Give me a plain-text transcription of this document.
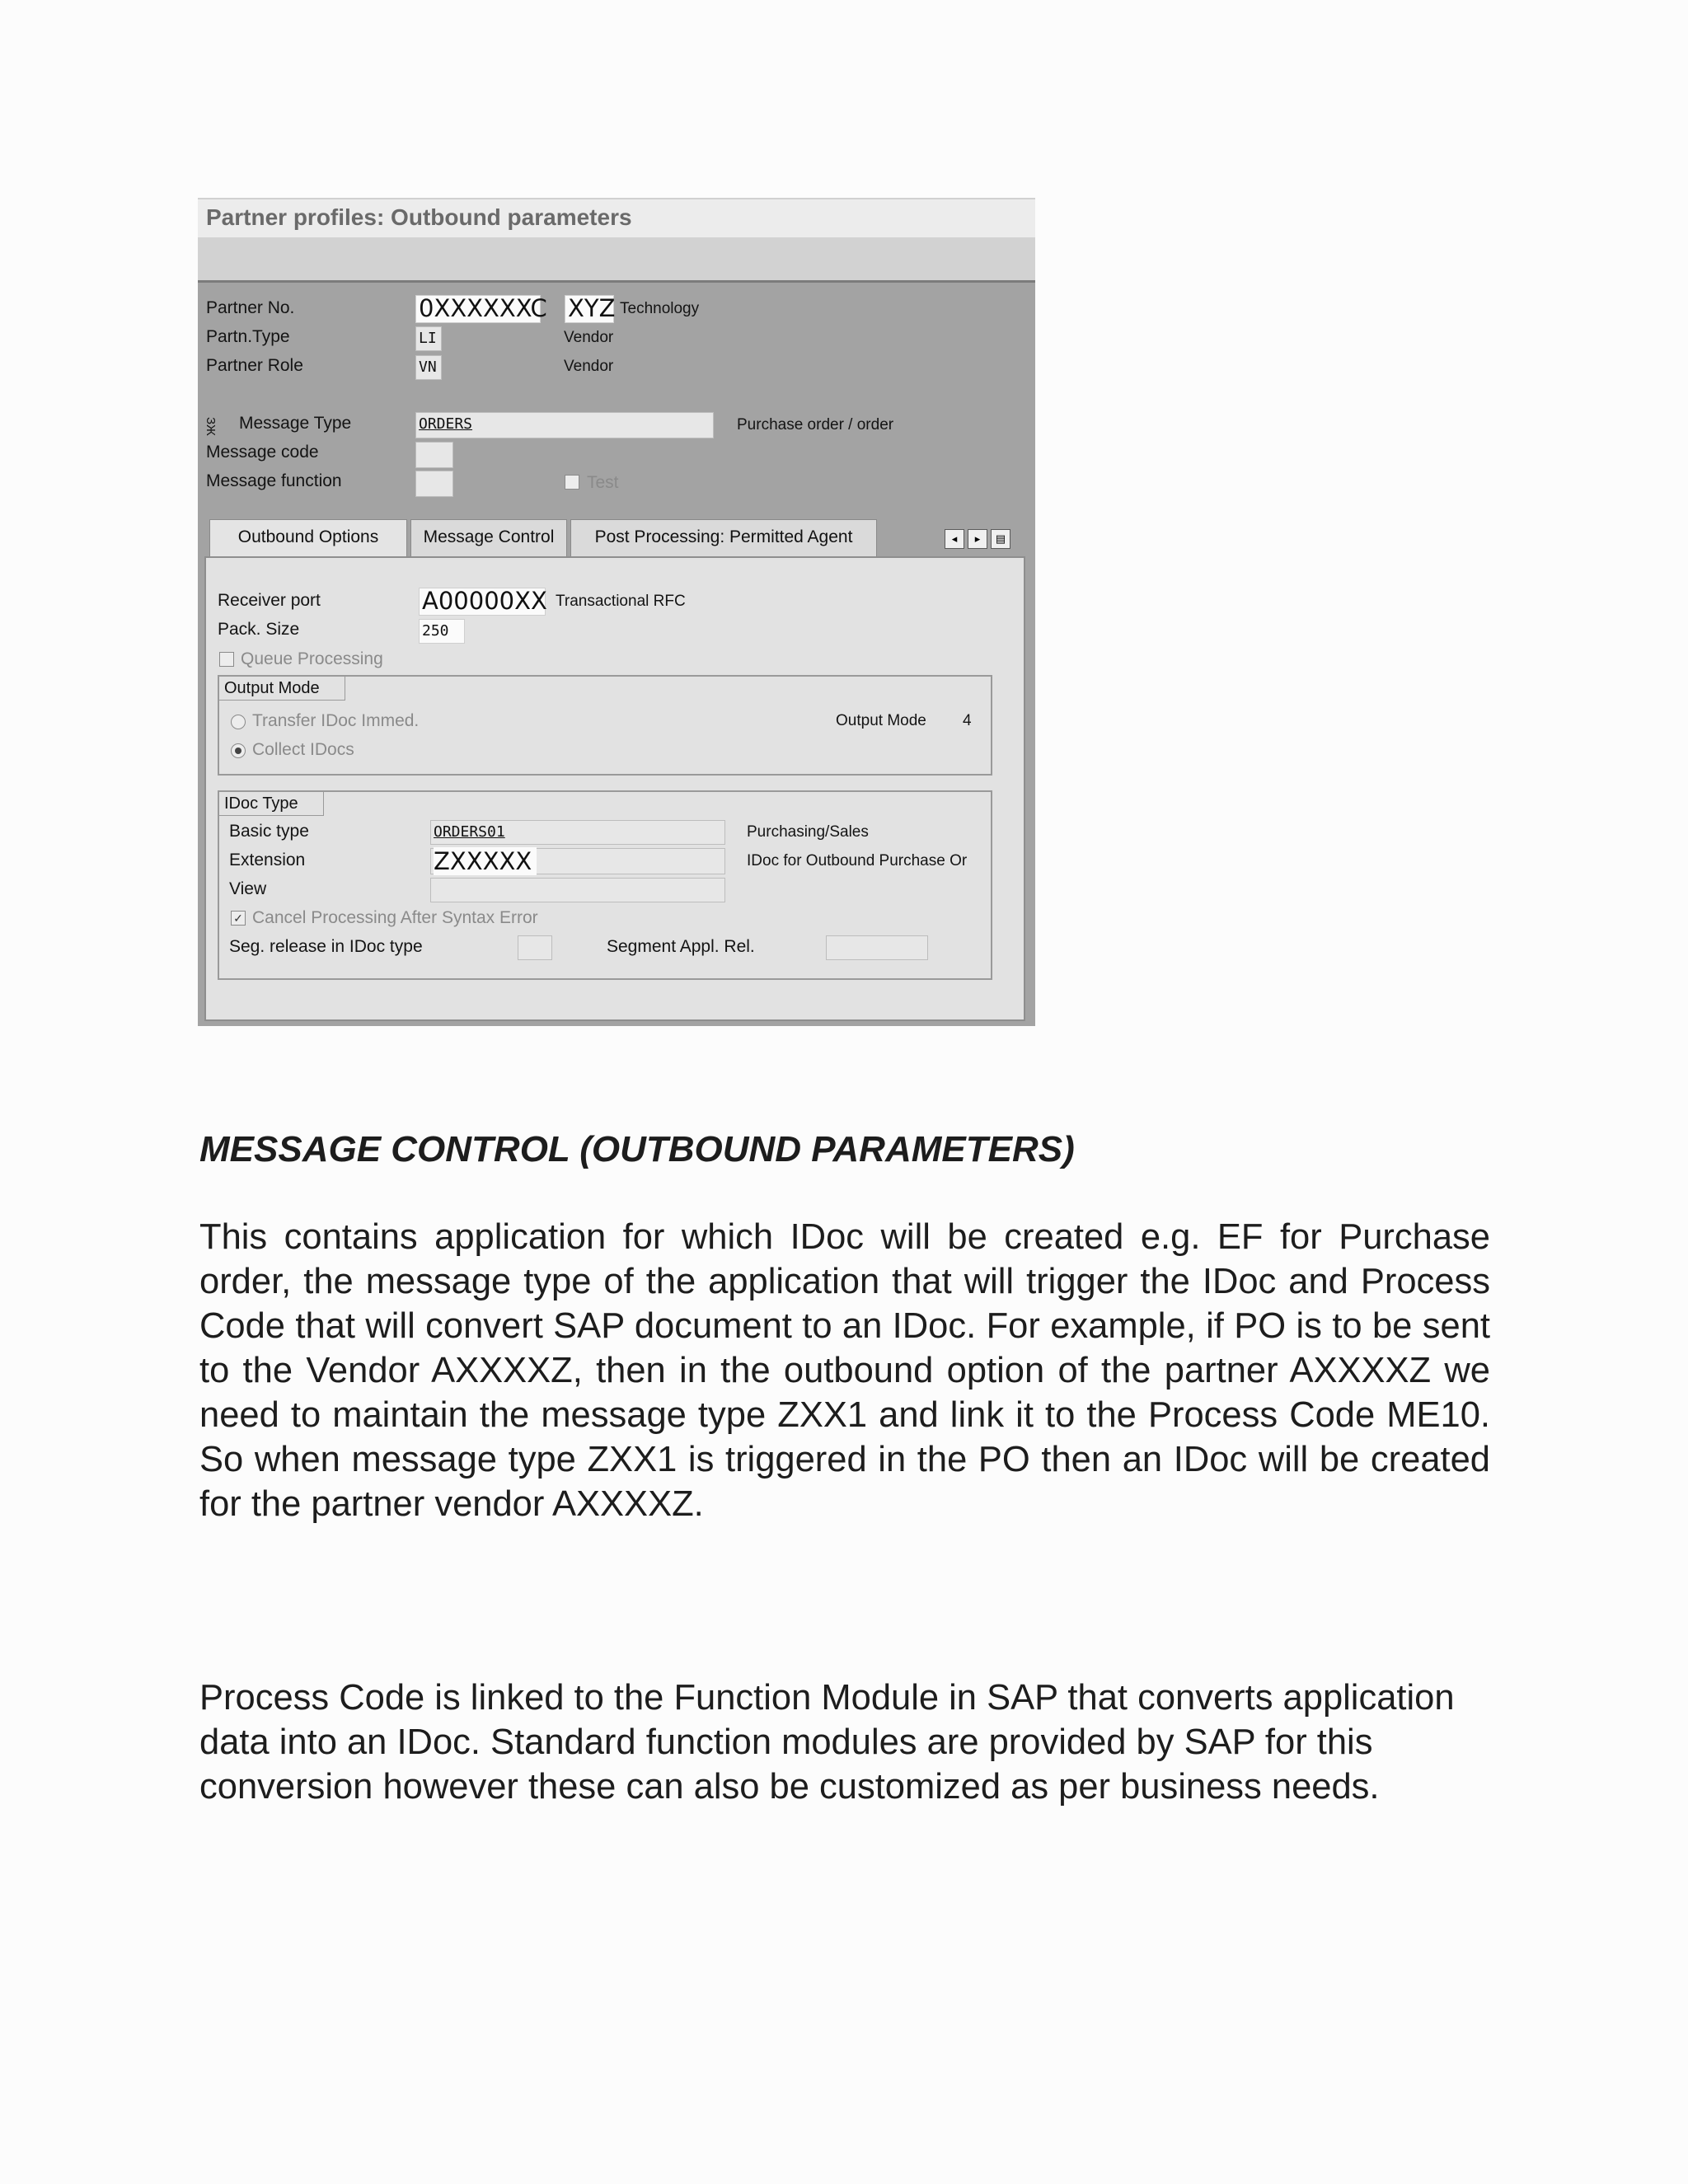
Partner profiles: Outbound parameters
Partner No.	0XXXXXXC XYZ Technology
Partn.Type	LI	Vendor
Partner Role	VN	Vendor
ЗЖ Message Type	ORDERS	Purchase order / order
Message code
Message function	Test
Outbound Options	Message Control	Post Processing: Permitted Agent	◂	▸	▤
Receiver port	A00000XX Transactional RFC
Pack. Size	250
Queue Processing
Output Mode
Transfer IDoc Immed.
Collect IDocs
Output Mode 4
IDoc Type
Basic type	ORDERS01	Purchasing/Sales
Extension	ZXXXXX	IDoc for Outbound Purchase Or
View
✓ Cancel Processing After Syntax Error
Seg. release in IDoc type	Segment Appl. Rel.
MESSAGE CONTROL (OUTBOUND PARAMETERS)
This contains application for which IDoc will be created e.g. EF for Purchase order, the message type of the application that will trigger the IDoc and Process Code that will convert SAP document to an IDoc. For example, if PO is to be sent to the Vendor AXXXXZ, then in the outbound option of the partner AXXXXZ we need to maintain the message type ZXX1 and link it to the Process Code ME10. So when message type ZXX1 is triggered in the PO then an IDoc will be created for the partner vendor AXXXXZ.
Process Code is linked to the Function Module in SAP that converts application data into an IDoc. Standard function modules are provided by SAP for this conversion however these can also be customized as per business needs.
